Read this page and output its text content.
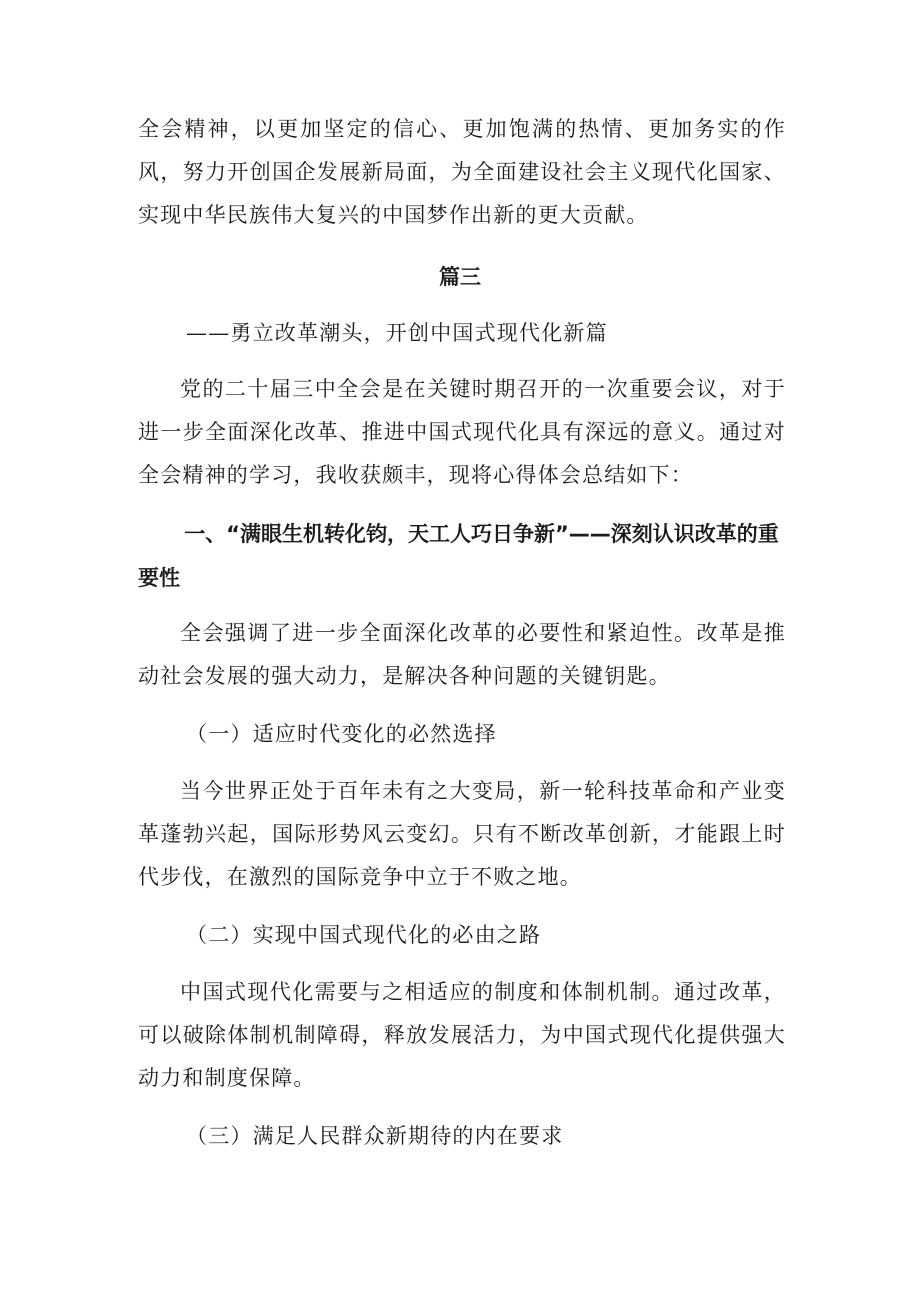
全会精神，以更加坚定的信心、更加饱满的热情、更加务实的作风，努力开创国企发展新局面，为全面建设社会主义现代化国家、实现中华民族伟大复兴的中国梦作出新的更大贡献。

篇三

——勇立改革潮头，开创中国式现代化新篇

党的二十届三中全会是在关键时期召开的一次重要会议，对于进一步全面深化改革、推进中国式现代化具有深远的意义。通过对全会精神的学习，我收获颇丰，现将心得体会总结如下：

一、“满眼生机转化钧，天工人巧日争新”——深刻认识改革的重要性

全会强调了进一步全面深化改革的必要性和紧迫性。改革是推动社会发展的强大动力，是解决各种问题的关键钥匙。

（一）适应时代变化的必然选择

当今世界正处于百年未有之大变局，新一轮科技革命和产业变革蓬勃兴起，国际形势风云变幻。只有不断改革创新，才能跟上时代步伐，在激烈的国际竞争中立于不败之地。

（二）实现中国式现代化的必由之路

中国式现代化需要与之相适应的制度和体制机制。通过改革，可以破除体制机制障碍，释放发展活力，为中国式现代化提供强大动力和制度保障。

（三）满足人民群众新期待的内在要求
